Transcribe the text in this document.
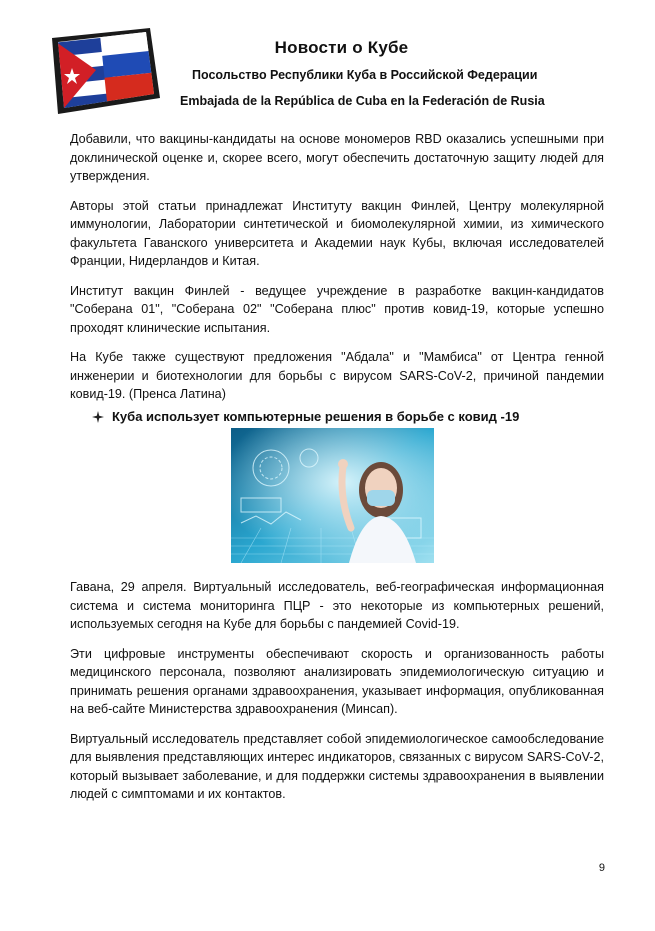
Новости о Кубе
Посольство Республики Куба в Российской Федерации
Embajada de la República de Cuba en la Federación de Rusia

Добавили, что вакцины-кандидаты на основе мономеров RBD оказались успешными при доклинической оценке и, скорее всего, могут обеспечить достаточную защиту людей для утверждения.

Авторы этой статьи принадлежат Институту вакцин Финлей, Центру молекулярной иммунологии, Лаборатории синтетической и биомолекулярной химии, из химического факультета Гаванского университета и Академии наук Кубы, включая исследователей Франции, Нидерландов и Китая.

Институт вакцин Финлей - ведущее учреждение в разработке вакцин-кандидатов "Соберана 01", "Соберана 02" "Соберана плюс" против ковид-19, которые успешно проходят клинические испытания.

На Кубе также существуют предложения "Абдала" и "Мамбиса" от Центра генной инженерии и биотехнологии для борьбы с вирусом SARS-CoV-2, причиной пандемии ковид-19. (Пренса Латина)

Куба использует компьютерные решения в борьбе с ковид -19

Гавана, 29 апреля. Виртуальный исследователь, веб-географическая информационная система и система мониторинга ПЦР - это некоторые из компьютерных решений, используемых сегодня на Кубе для борьбы с пандемией Covid-19.

Эти цифровые инструменты обеспечивают скорость и организованность работы медицинского персонала, позволяют анализировать эпидемиологическую ситуацию и принимать решения органами здравоохранения, указывает информация, опубликованная на веб-сайте Министерства здравоохранения (Минсап).

Виртуальный исследователь представляет собой эпидемиологическое самообследование для выявления представляющих интерес индикаторов, связанных с вирусом SARS-CoV-2, который вызывает заболевание, и для поддержки системы здравоохранения в выявлении людей с симптомами и их контактов.

9
